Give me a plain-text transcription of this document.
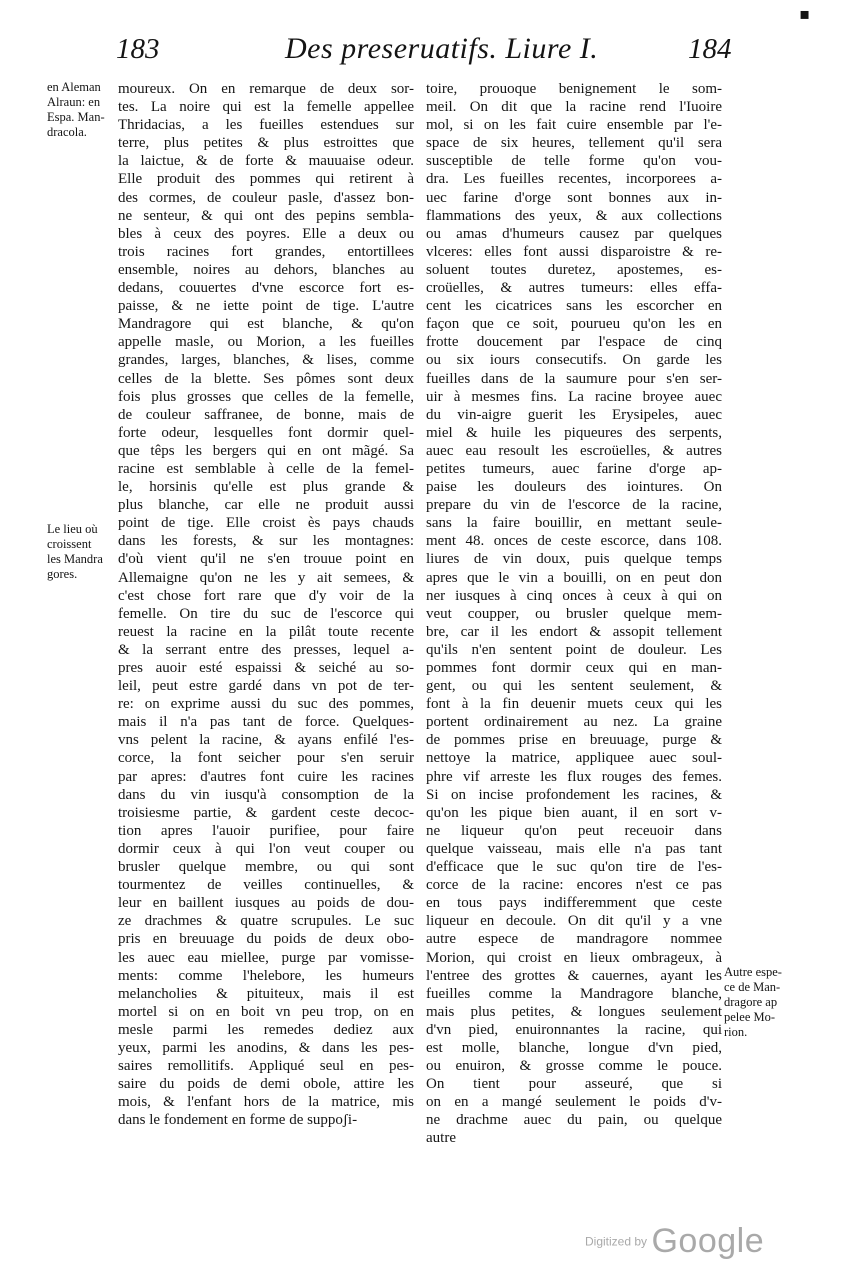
▪
183	Des preseruatifs. Liure I.	184
en Aleman
Alraun: en
Espa. Man-
dracola.
Le lieu où
croissent
les Mandra
gores.
Autre espe-
ce de Man-
dragore ap
pelee Mo-
rion.
moureux. On en remarque de deux sor-
tes. La noire qui est la femelle appellee
Thridacias, a les fueilles estendues sur
terre, plus petites & plus estroittes que
la laictue, & de forte & mauuaise odeur.
Elle produit des pommes qui retirent à
des cormes, de couleur pasle, d'assez bon-
ne senteur, & qui ont des pepins sembla-
bles à ceux des poyres. Elle a deux ou
trois racines fort grandes, entortillees
ensemble, noires au dehors, blanches au
dedans, couuertes d'vne escorce fort es-
paisse, & ne iette point de tige. L'autre
Mandragore qui est blanche, & qu'on
appelle masle, ou Morion, a les fueilles
grandes, larges, blanches, & lises, comme
celles de la blette. Ses pômes sont deux
fois plus grosses que celles de la femelle,
de couleur saffranee, de bonne, mais de
forte odeur, lesquelles font dormir quel-
que têps les bergers qui en ont mãgé. Sa
racine est semblable à celle de la femel-
le, horsinis qu'elle est plus grande &
plus blanche, car elle ne produit aussi
point de tige. Elle croist ès pays chauds
dans les forests, & sur les montagnes:
d'où vient qu'il ne s'en trouue point en
Allemaigne qu'on ne les y ait semees, &
c'est chose fort rare que d'y voir de la
femelle. On tire du suc de l'escorce qui
reuest la racine en la pilât toute recente
& la serrant entre des presses, lequel a-
pres auoir esté espaissi & seiché au so-
leil, peut estre gardé dans vn pot de ter-
re: on exprime aussi du suc des pommes,
mais il n'a pas tant de force. Quelques-
vns pelent la racine, & ayans enfilé l'es-
corce, la font seicher pour s'en seruir
par apres: d'autres font cuire les racines
dans du vin iusqu'à consomption de la
troisiesme partie, & gardent ceste decoc-
tion apres l'auoir purifiee, pour faire
dormir ceux à qui l'on veut couper ou
brusler quelque membre, ou qui sont
tourmentez de veilles continuelles, &
leur en baillent iusques au poids de dou-
ze drachmes & quatre scrupules. Le suc
pris en breuuage du poids de deux obo-
les auec eau miellee, purge par vomisse-
ments: comme l'helebore, les humeurs
melancholies & pituiteux, mais il est
mortel si on en boit vn peu trop, on en
mesle parmi les remedes dediez aux
yeux, parmi les anodins, & dans les pes-
saires remollitifs. Appliqué seul en pes-
saire du poids de demi obole, attire les
mois, & l'enfant hors de la matrice, mis
dans le fondement en forme de suppoʃi-
toire, prouoque benignement le som-
meil. On dit que la racine rend l'Iuoire
mol, si on les fait cuire ensemble par l'e-
space de six heures, tellement qu'il sera
susceptible de telle forme qu'on vou-
dra. Les fueilles recentes, incorporees a-
uec farine d'orge sont bonnes aux in-
flammations des yeux, & aux collections
ou amas d'humeurs causez par quelques
vlceres: elles font aussi disparoistre & re-
soluent toutes duretez, apostemes, es-
croüelles, & autres tumeurs: elles effa-
cent les cicatrices sans les escorcher en
façon que ce soit, pourueu qu'on les en
frotte doucement par l'espace de cinq
ou six iours consecutifs. On garde les
fueilles dans de la saumure pour s'en ser-
uir à mesmes fins. La racine broyee auec
du vin-aigre guerit les Erysipeles, auec
miel & huile les piqueures des serpents,
auec eau resoult les escroüelles, & autres
petites tumeurs, auec farine d'orge ap-
paise les douleurs des iointures. On
prepare du vin de l'escorce de la racine,
sans la faire bouillir, en mettant seule-
ment 48. onces de ceste escorce, dans 108.
liures de vin doux, puis quelque temps
apres que le vin a bouilli, on en peut don
ner iusques à cinq onces à ceux à qui on
veut coupper, ou brusler quelque mem-
bre, car il les endort & assopit tellement
qu'ils n'en sentent point de douleur. Les
pommes font dormir ceux qui en man-
gent, ou qui les sentent seulement, &
font à la fin deuenir muets ceux qui les
portent ordinairement au nez. La graine
de pommes prise en breuuage, purge &
nettoye la matrice, appliquee auec soul-
phre vif arreste les flux rouges des femes.
Si on incise profondement les racines, &
qu'on les pique bien auant, il en sort v-
ne liqueur qu'on peut receuoir dans
quelque vaisseau, mais elle n'a pas tant
d'efficace que le suc qu'on tire de l'es-
corce de la racine: encores n'est ce pas
en tous pays indifferemment que ceste
liqueur en decoule. On dit qu'il y a vne
autre espece de mandragore nommee
Morion, qui croist en lieux ombrageux, à
l'entree des grottes & cauernes, ayant les
fueilles comme la Mandragore blanche,
mais plus petites, & longues seulement
d'vn pied, enuironnantes la racine, qui
est molle, blanche, longue d'vn pied,
ou enuiron, & grosse comme le pouce.
On tient pour asseuré, que si
on en a mangé seulement le poids d'v-
ne drachme auec du pain, ou quelque
autre
Digitized by Google
